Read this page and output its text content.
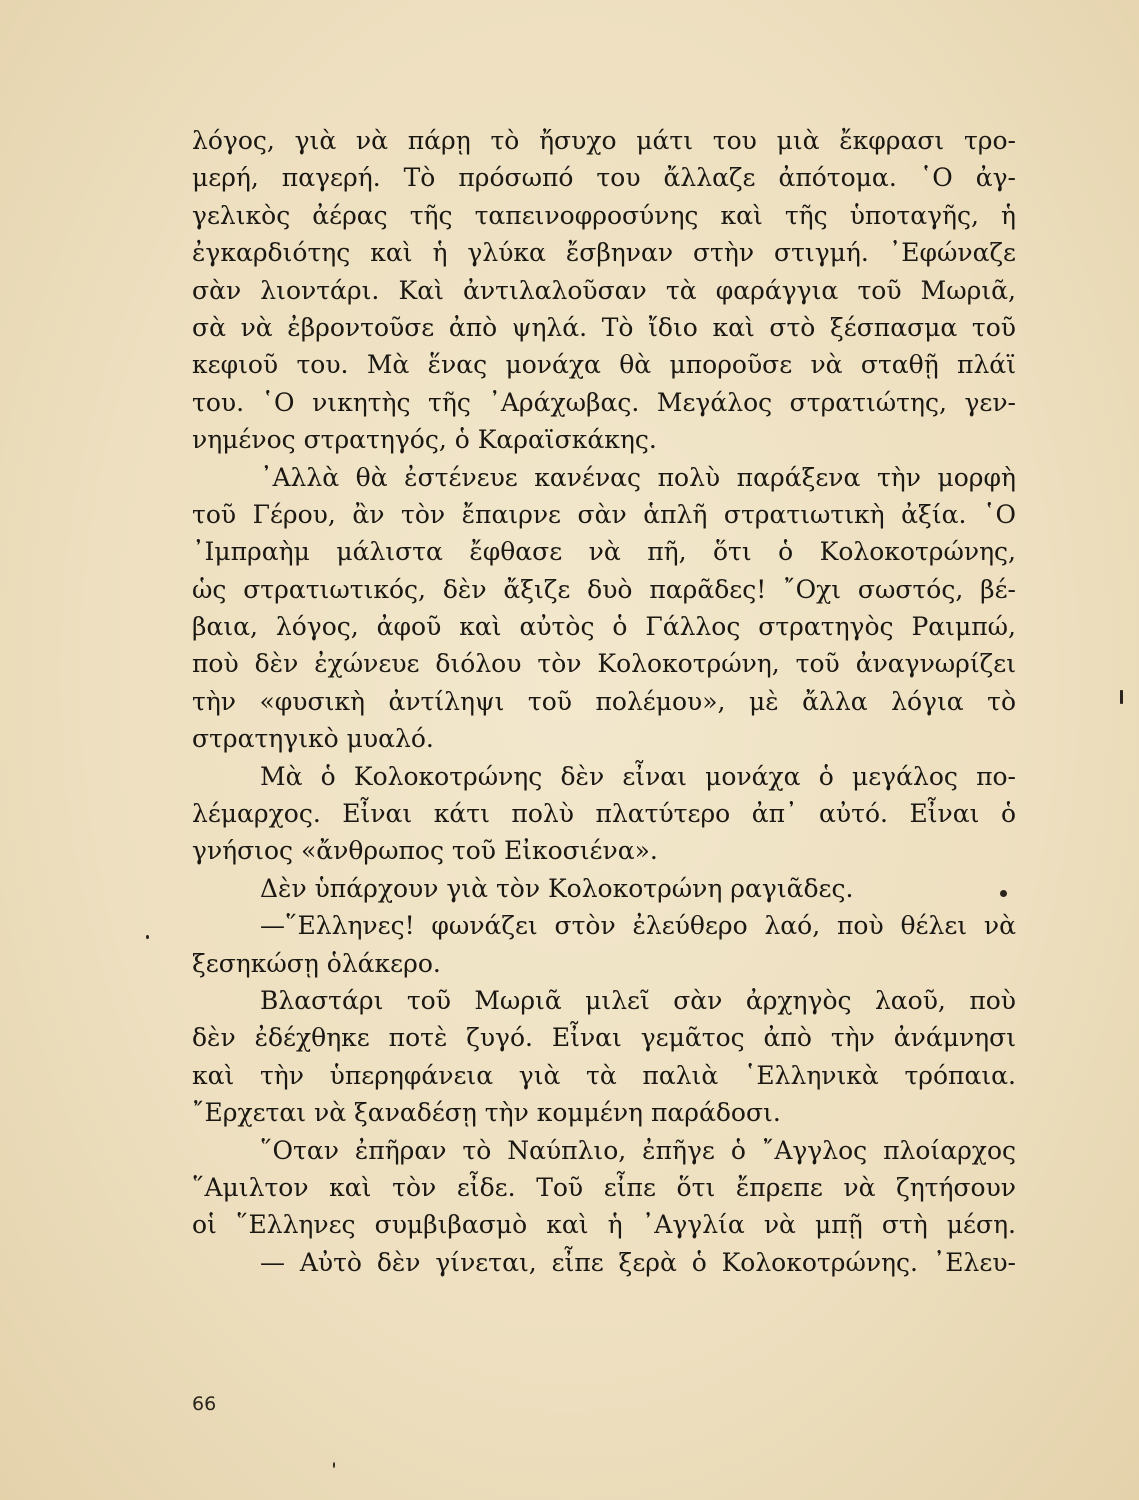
λόγος, γιὰ νὰ πάρῃ τὸ ἤσυχο μάτι του μιὰ ἔκφρασι τρο-
μερή, παγερή. Τὸ πρόσωπό του ἄλλαζε ἀπότομα. ῾Ο ἀγ-
γελικὸς ἀέρας τῆς ταπεινοφροσύνης καὶ τῆς ὑποταγῆς, ἡ
ἐγκαρδιότης καὶ ἡ γλύκα ἔσβηναν στὴν στιγμή. ᾽Εφώναζε
σὰν λιοντάρι. Καὶ ἀντιλαλοῦσαν τὰ φαράγγια τοῦ Μωριᾶ,
σὰ νὰ ἐβροντοῦσε ἀπὸ ψηλά. Τὸ ἴδιο καὶ στὸ ξέσπασμα τοῦ
κεφιοῦ του. Μὰ ἕνας μονάχα θὰ μποροῦσε νὰ σταθῇ πλάϊ
του. ῾Ο νικητὴς τῆς ᾽Αράχωβας. Μεγάλος στρατιώτης, γεν-
νημένος στρατηγός, ὁ Καραϊσκάκης.
᾽Αλλὰ θὰ ἐστένευε κανένας πολὺ παράξενα τὴν μορφὴ
τοῦ Γέρου, ἂν τὸν ἔπαιρνε σὰν ἁπλῆ στρατιωτικὴ ἀξία. ῾Ο
᾽Ιμπραὴμ μάλιστα ἔφθασε νὰ πῆ, ὅτι ὁ Κολοκοτρώνης,
ὡς στρατιωτικός, δὲν ἄξιζε δυὸ παρᾶδες! ῎Οχι σωστός, βέ-
βαια, λόγος, ἀφοῦ καὶ αὐτὸς ὁ Γάλλος στρατηγὸς Ραιμπώ,
ποὺ δὲν ἐχώνευε διόλου τὸν Κολοκοτρώνη, τοῦ ἀναγνωρίζει
τὴν «φυσικὴ ἀντίληψι τοῦ πολέμου», μὲ ἄλλα λόγια τὸ
στρατηγικὸ μυαλό.
Μὰ ὁ Κολοκοτρώνης δὲν εἶναι μονάχα ὁ μεγάλος πο-
λέμαρχος. Εἶναι κάτι πολὺ πλατύτερο ἀπ᾽ αὐτό. Εἶναι ὁ
γνήσιος «ἄνθρωπος τοῦ Εἰκοσιένα».
Δὲν ὑπάρχουν γιὰ τὸν Κολοκοτρώνη ραγιᾶδες.
—῞Ελληνες! φωνάζει στὸν ἐλεύθερο λαό, ποὺ θέλει νὰ
ξεσηκώσῃ ὁλάκερο.
Βλαστάρι τοῦ Μωριᾶ μιλεῖ σὰν ἀρχηγὸς λαοῦ, ποὺ
δὲν ἐδέχθηκε ποτὲ ζυγό. Εἶναι γεμᾶτος ἀπὸ τὴν ἀνάμνησι
καὶ τὴν ὑπερηφάνεια γιὰ τὰ παλιὰ ῾Ελληνικὰ τρόπαια.
῎Ερχεται νὰ ξαναδέσῃ τὴν κομμένη παράδοσι.
῞Οταν ἐπῆραν τὸ Ναύπλιο, ἐπῆγε ὁ ῎Αγγλος πλοίαρχος
῞Αμιλτον καὶ τὸν εἶδε. Τοῦ εἶπε ὅτι ἔπρεπε νὰ ζητήσουν
οἱ ῞Ελληνες συμβιβασμὸ καὶ ἡ ᾽Αγγλία νὰ μπῇ στὴ μέση.
— Αὐτὸ δὲν γίνεται, εἶπε ξερὰ ὁ Κολοκοτρώνης. ᾽Ελευ-
66
